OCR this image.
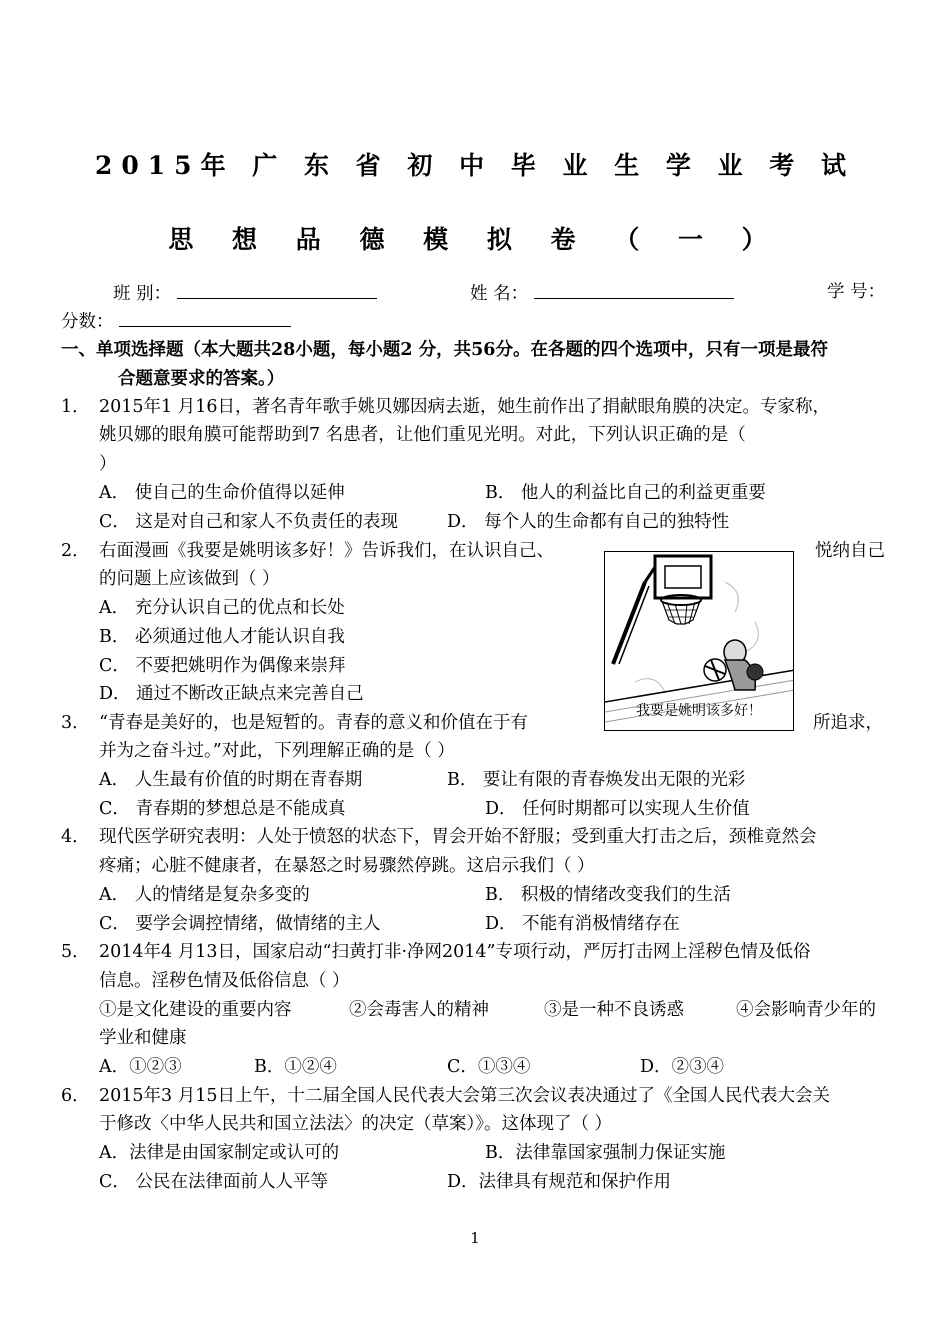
2015年 广 东 省 初 中 毕 业 生 学 业 考 试
思 想 品 德 模 拟 卷 （ 一 ）
班 别：	姓 名：	学 号：
分数：
一、单项选择题（本大题共28小题，每小题2 分，共56分。在各题的四个选项中，只有一项是最符
合题意要求的答案。）
1． 2015年1 月16日，著名青年歌手姚贝娜因病去逝，她生前作出了捐献眼角膜的决定。专家称，
姚贝娜的眼角膜可能帮助到7 名患者，让他们重见光明。对此，下列认识正确的是（
）
A． 使自己的生命价值得以延伸	B． 他人的利益比自己的利益更重要
C． 这是对自己和家人不负责任的表现	D． 每个人的生命都有自己的独特性
2． 右面漫画《我要是姚明该多好！》告诉我们，在认识自己、	悦纳自己
的问题上应该做到（ ）
A． 充分认识自己的优点和长处
B． 必须通过他人才能认识自我
C． 不要把姚明作为偶像来崇拜
D． 通过不断改正缺点来完善自己
我要是姚明该多好！
3． “青春是美好的，也是短暂的。青春的意义和价值在于有	所追求，
并为之奋斗过。”对此，下列理解正确的是（ ）
A． 人生最有价值的时期在青春期	B． 要让有限的青春焕发出无限的光彩
C． 青春期的梦想总是不能成真	D． 任何时期都可以实现人生价值
4． 现代医学研究表明：人处于愤怒的状态下，胃会开始不舒服；受到重大打击之后，颈椎竟然会
疼痛；心脏不健康者，在暴怒之时易骤然停跳。这启示我们（ ）
A． 人的情绪是复杂多变的	B． 积极的情绪改变我们的生活
C． 要学会调控情绪，做情绪的主人	D． 不能有消极情绪存在
5． 2014年4 月13日，国家启动“扫黄打非·净网2014”专项行动，严厉打击网上淫秽色情及低俗
信息。淫秽色情及低俗信息（ ）
①是文化建设的重要内容	②会毒害人的精神	③是一种不良诱惑	④会影响青少年的
学业和健康
A．①②③	B．①②④	C．①③④	D．②③④
6． 2015年3 月15日上午，十二届全国人民代表大会第三次会议表决通过了《全国人民代表大会关
于修改〈中华人民共和国立法法〉的决定（草案）》。这体现了（ ）
A．法律是由国家制定或认可的	B．法律靠国家强制力保证实施
C． 公民在法律面前人人平等	D．法律具有规范和保护作用
1
